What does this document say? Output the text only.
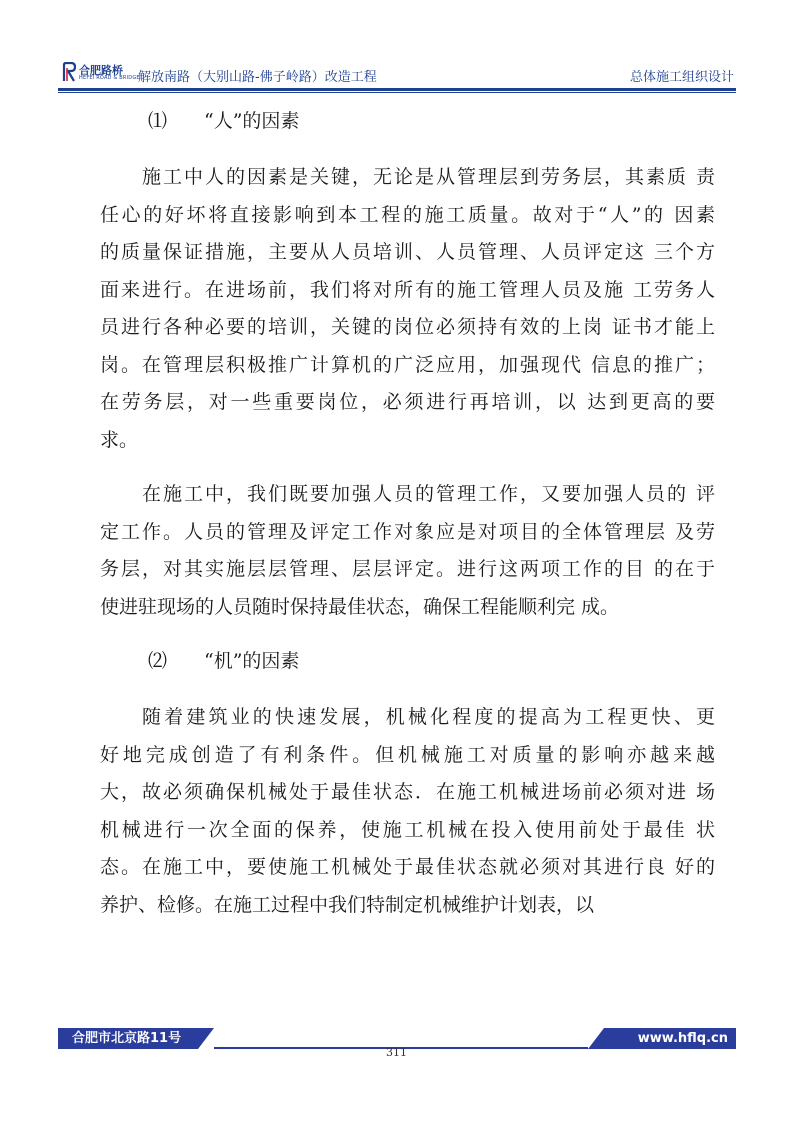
合肥路桥
HEFEI ROAD & BRIDGE
解放南路（大别山路-佛子岭路）改造工程	总体施工组织设计
⑴ “人”的因素
施工中人的因素是关键，无论是从管理层到劳务层，其素质 责
任心的好坏将直接影响到本工程的施工质量。故对于“人”的 因素
的质量保证措施，主要从人员培训、人员管理、人员评定这 三个方
面来进行。在进场前，我们将对所有的施工管理人员及施 工劳务人
员进行各种必要的培训，关键的岗位必须持有效的上岗 证书才能上
岗。在管理层积极推广计算机的广泛应用，加强现代 信息的推广；
在劳务层，对一些重要岗位，必须进行再培训，以 达到更高的要
求。
在施工中，我们既要加强人员的管理工作，又要加强人员的 评
定工作。人员的管理及评定工作对象应是对项目的全体管理层 及劳
务层，对其实施层层管理、层层评定。进行这两项工作的目 的在于
使进驻现场的人员随时保持最佳状态，确保工程能顺利完 成。
⑵ “机”的因素
随着建筑业的快速发展，机械化程度的提高为工程更快、更
好地完成创造了有利条件。但机械施工对质量的影响亦越来越
大，故必须确保机械处于最佳状态．在施工机械进场前必须对进 场
机械进行一次全面的保养，使施工机械在投入使用前处于最佳 状
态。在施工中，要使施工机械处于最佳状态就必须对其进行良 好的
养护、检修。在施工过程中我们特制定机械维护计划表，以
合肥市北京路11号	www.hflq.cn
311
